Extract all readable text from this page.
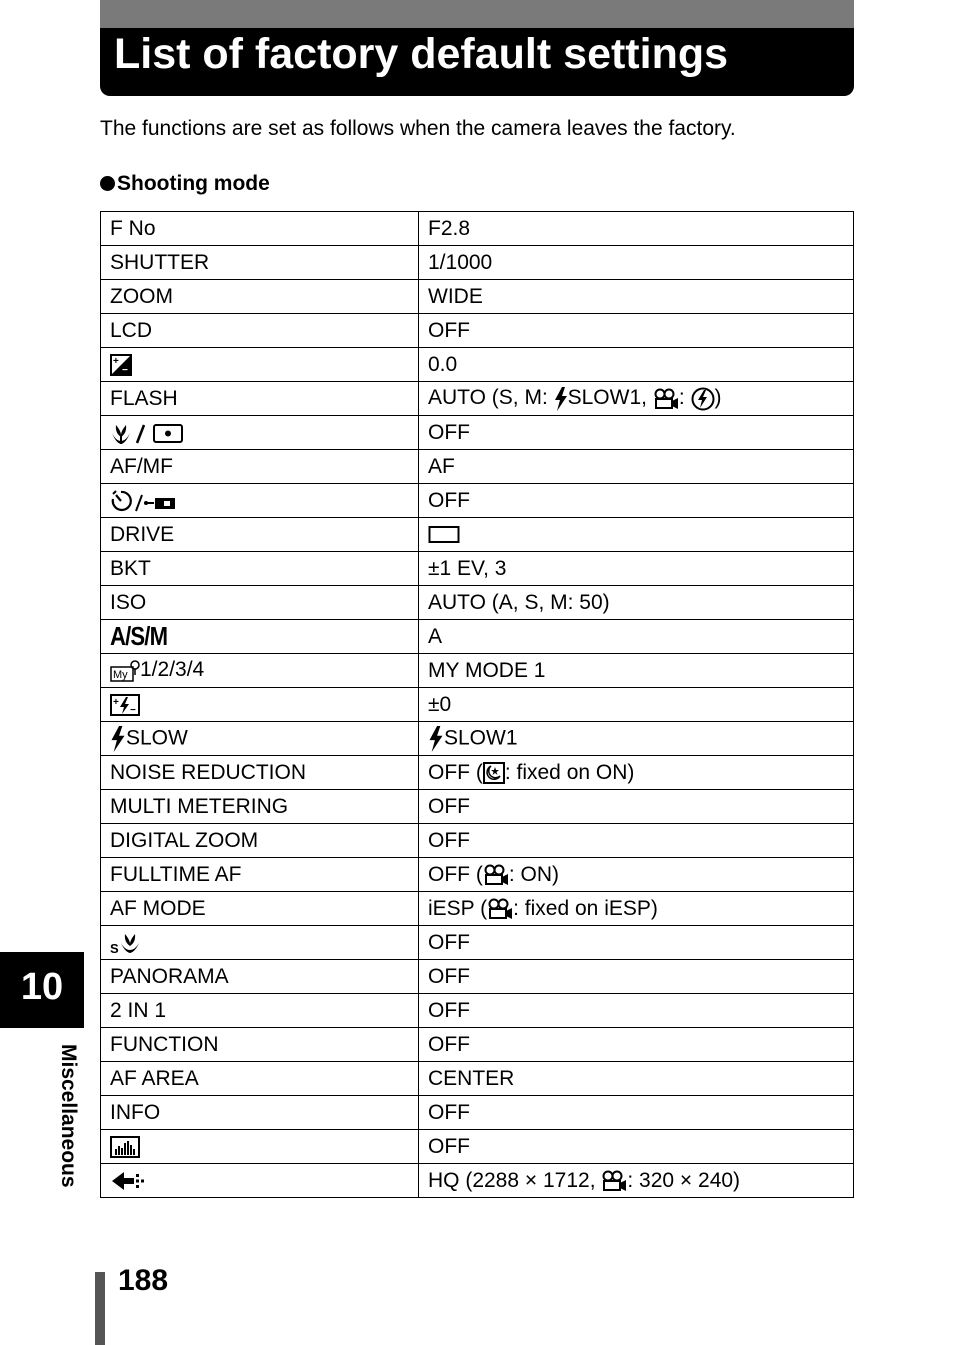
List of factory default settings
The functions are set as follows when the camera leaves the factory.
Shooting mode
F No	F2.8
SHUTTER	1/1000
ZOOM	WIDE
LCD	OFF

+
−	0.0
FLASH	AUTO (S, M: SLOW1, : )
	OFF
AF/MF	AF
	OFF
DRIVE	
BKT	±1 EV, 3
ISO	AUTO (A, S, M: 50)
A/S/M	A

My 1/2/3/4	MY MODE 1

+
−	±0
SLOW	SLOW1
NOISE REDUCTION	OFF ( : fixed on ON)
MULTI METERING	OFF
DIGITAL ZOOM	OFF
FULLTIME AF	OFF ( : ON)
AF MODE	iESP ( : fixed on iESP)

S	OFF
PANORAMA	OFF
2 IN 1	OFF
FUNCTION	OFF
AF AREA	CENTER
INFO	OFF
	OFF
	HQ (2288 × 1712, : 320 × 240)
10
Miscellaneous
188
